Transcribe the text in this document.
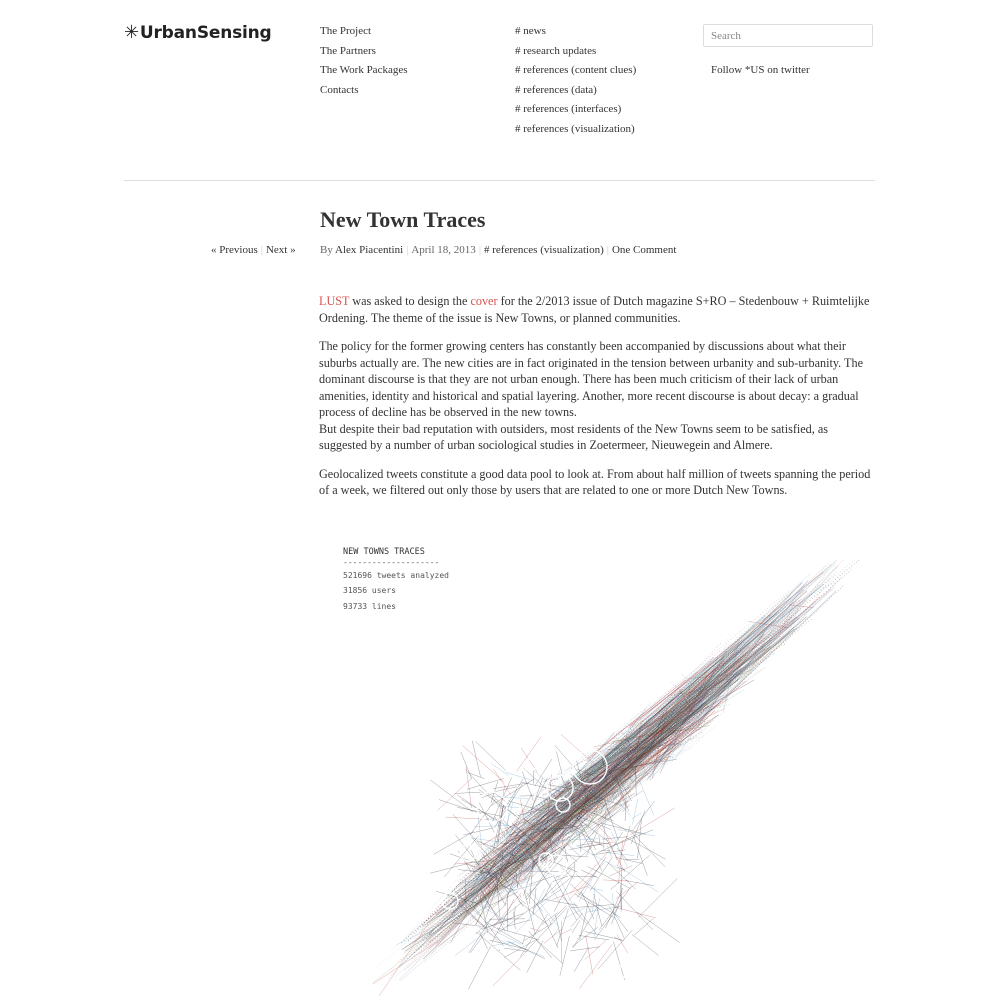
✳UrbanSensing	The Project
The Partners
The Work Packages
Contacts
# news
# research updates
# references (content clues)
# references (data)
# references (interfaces)
# references (visualization)
Search
Follow *US on twitter
« Previous | Next »
New Town Traces
By Alex Piacentini | April 18, 2013 | # references (visualization) | One Comment

LUST was asked to design the cover for the 2/2013 issue of Dutch magazine S+RO – Stedenbouw + Ruimtelijke Ordening. The theme of the issue is New Towns, or planned communities.

The policy for the former growing centers has constantly been accompanied by discussions about what their suburbs actually are. The new cities are in fact originated in the tension between urbanity and sub-urbanity. The dominant discourse is that they are not urban enough. There has been much criticism of their lack of urban amenities, identity and historical and spatial layering. Another, more recent discourse is about decay: a gradual process of decline has be observed in the new towns.
But despite their bad reputation with outsiders, most residents of the New Towns seem to be satisfied, as suggested by a number of urban sociological studies in Zoetermeer, Nieuwegein and Almere.

Geolocalized tweets constitute a good data pool to look at. From about half million of tweets spanning the period of a week, we filtered out only those by users that are related to one or more Dutch New Towns.

NEW TOWNS TRACES
--------------------
521696 tweets analyzed
31856 users
93733 lines
